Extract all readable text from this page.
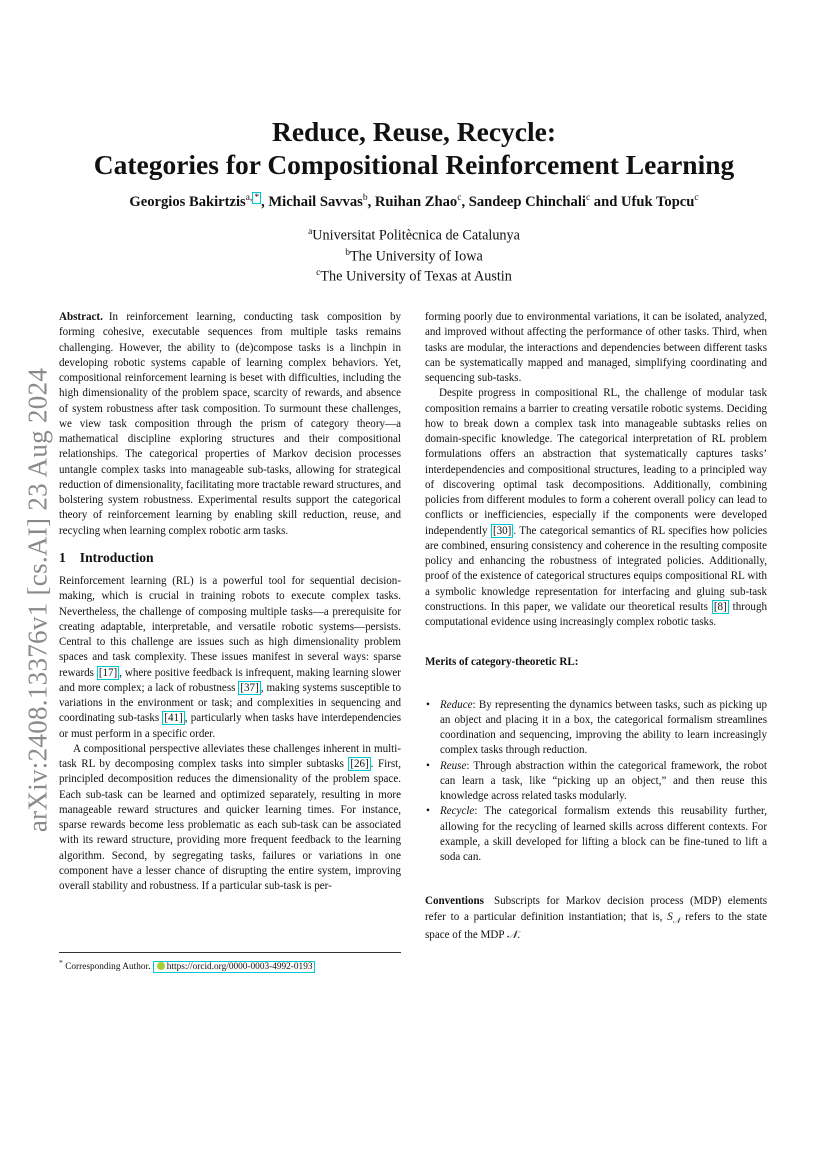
arXiv:2408.13376v1 [cs.AI] 23 Aug 2024
Reduce, Reuse, Recycle:
Categories for Compositional Reinforcement Learning
Georgios Bakirtzis$^{a, *}$ , Michail Savvas$^b$, Ruihan Zhao$^c$, Sandeep Chinchali$^c$ and Ufuk Topcu$^c$
$^a$Universitat Politècnica de Catalunya
$^b$The University of Iowa
$^c$The University of Texas at Austin

Abstract. In reinforcement learning, conducting task composition by forming cohesive, executable sequences from multiple tasks remains challenging. However, the ability to (de)compose tasks is a linchpin in developing robotic systems capable of learning complex behaviors. Yet, compositional reinforcement learning is beset with difficulties, including the high dimensionality of the problem space, scarcity of rewards, and absence of system robustness after task composition. To surmount these challenges, we view task composition through the prism of category theory—a mathematical discipline exploring structures and their compositional relationships. The categorical properties of Markov decision processes untangle complex tasks into manageable sub-tasks, allowing for strategical reduction of dimensionality, facilitating more tractable reward structures, and bolstering system robustness. Experimental results support the categorical theory of reinforcement learning by enabling skill reduction, reuse, and recycling when learning complex robotic arm tasks.

1 Introduction

Reinforcement learning (RL) is a powerful tool for sequential decision-making, which is crucial in training robots to execute complex tasks. Nevertheless, the challenge of composing multiple tasks—a prerequisite for creating adaptable, interpretable, and versatile robotic systems—persists. Central to this challenge are issues such as high dimensionality problem spaces and task complexity. These issues manifest in several ways: sparse rewards [17] , where positive feedback is infrequent, making learning slower and more complex; a lack of robustness [37] , making systems susceptible to variations in the environment or task; and complexities in sequencing and coordinating sub-tasks [41] , particularly when tasks have interdependencies or must perform in a specific order.

A compositional perspective alleviates these challenges inherent in multi-task RL by decomposing complex tasks into simpler subtasks [26] . First, principled decomposition reduces the dimensionality of the problem space. Each sub-task can be learned and optimized separately, resulting in more manageable reward structures and quicker learning times. For instance, sparse rewards become less problematic as each sub-task can be associated with its reward structure, providing more frequent feedback to the learning algorithm. Second, by segregating tasks, failures or variations in one component have a lesser chance of disrupting the entire system, improving overall stability and robustness. If a particular sub-task is per-

* Corresponding Author. https://orcid.org/0000-0003-4992-0193

forming poorly due to environmental variations, it can be isolated, analyzed, and improved without affecting the performance of other tasks. Third, when tasks are modular, the interactions and dependencies between different tasks can be systematically mapped and managed, simplifying coordinating and sequencing sub-tasks.

Despite progress in compositional RL, the challenge of modular task composition remains a barrier to creating versatile robotic systems. Deciding how to break down a complex task into manageable subtasks relies on domain-specific knowledge. The categorical interpretation of RL problem formulations offers an abstraction that systematically captures tasks’ interdependencies and compositional structures, leading to a principled way of discovering optimal task decompositions. Additionally, combining policies from different modules to form a coherent overall policy can lead to conflicts or inefficiencies, especially if the components were developed independently [30] . The categorical semantics of RL specifies how policies are combined, ensuring consistency and coherence in the resulting composite policy and enhancing the robustness of integrated policies. Additionally, proof of the existence of categorical structures equips compositional RL with a symbolic knowledge representation for interfacing and gluing sub-task constructions. In this paper, we validate our theoretical results [8] through computational evidence using increasingly complex robotic tasks.

Merits of category-theoretic RL:
• Reduce: By representing the dynamics between tasks, such as picking up an object and placing it in a box, the categorical formalism streamlines coordination and sequencing, improving the ability to learn increasingly complex tasks through reduction.
• Reuse: Through abstraction within the categorical framework, the robot can learn a task, like “picking up an object,” and then reuse this knowledge across related tasks modularly.
• Recycle: The categorical formalism extends this reusability further, allowing for the recycling of learned skills across different contexts. For example, a skill developed for lifting a block can be fine-tuned to lift a soda can.

Conventions Subscripts for Markov decision process (MDP) elements refer to a particular definition instantiation; that is, $S_𝒩$ refers to the state space of the MDP 𝒩.
